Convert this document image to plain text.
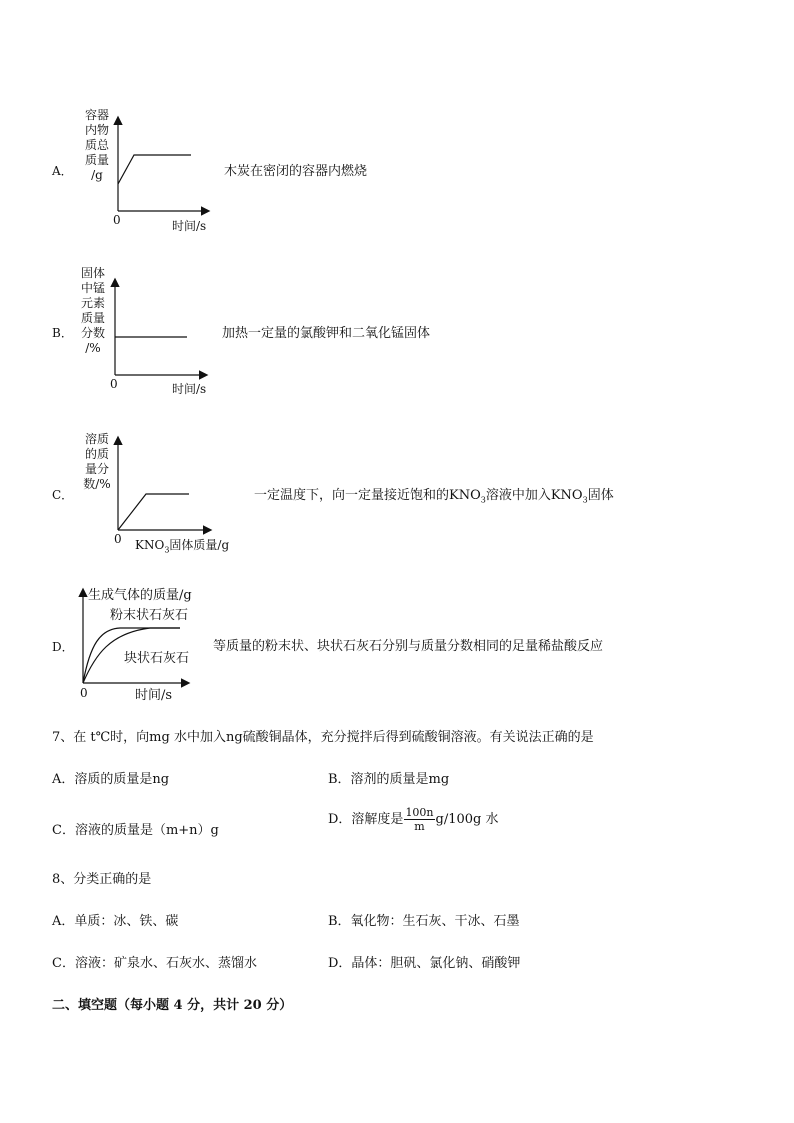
A．
容器
内物
质总
质量
/g
0	时间/s
木炭在密闭的容器内燃烧
B．
固体
中锰
元素
质量
分数
/%
0	时间/s
加热一定量的氯酸钾和二氧化锰固体
C．
溶质
的质
量分
数/%
0 $KNO_3$固体质量/g
一定温度下，向一定量接近饱和的$KNO_3$溶液中加入$KNO_3$固体
D．
生成气体的质量/g
粉末状石灰石
块状石灰石
0	时间/s
等质量的粉末状、块状石灰石分别与质量分数相同的足量稀盐酸反应
7、在 t℃时，向mg 水中加入ng硫酸铜晶体，充分搅拌后得到硫酸铜溶液。有关说法正确的是
A．溶质的质量是ng	B．溶剂的质量是mg
C．溶液的质量是（m+n）g
D．溶解度是 $\frac{100n}{m} g/100g$ 水
8、分类正确的是
A．单质：冰、铁、碳	B．氧化物：生石灰、干冰、石墨
C．溶液：矿泉水、石灰水、蒸馏水	D．晶体：胆矾、氯化钠、硝酸钾
二、填空题（每小题 4 分，共计 20 分）
